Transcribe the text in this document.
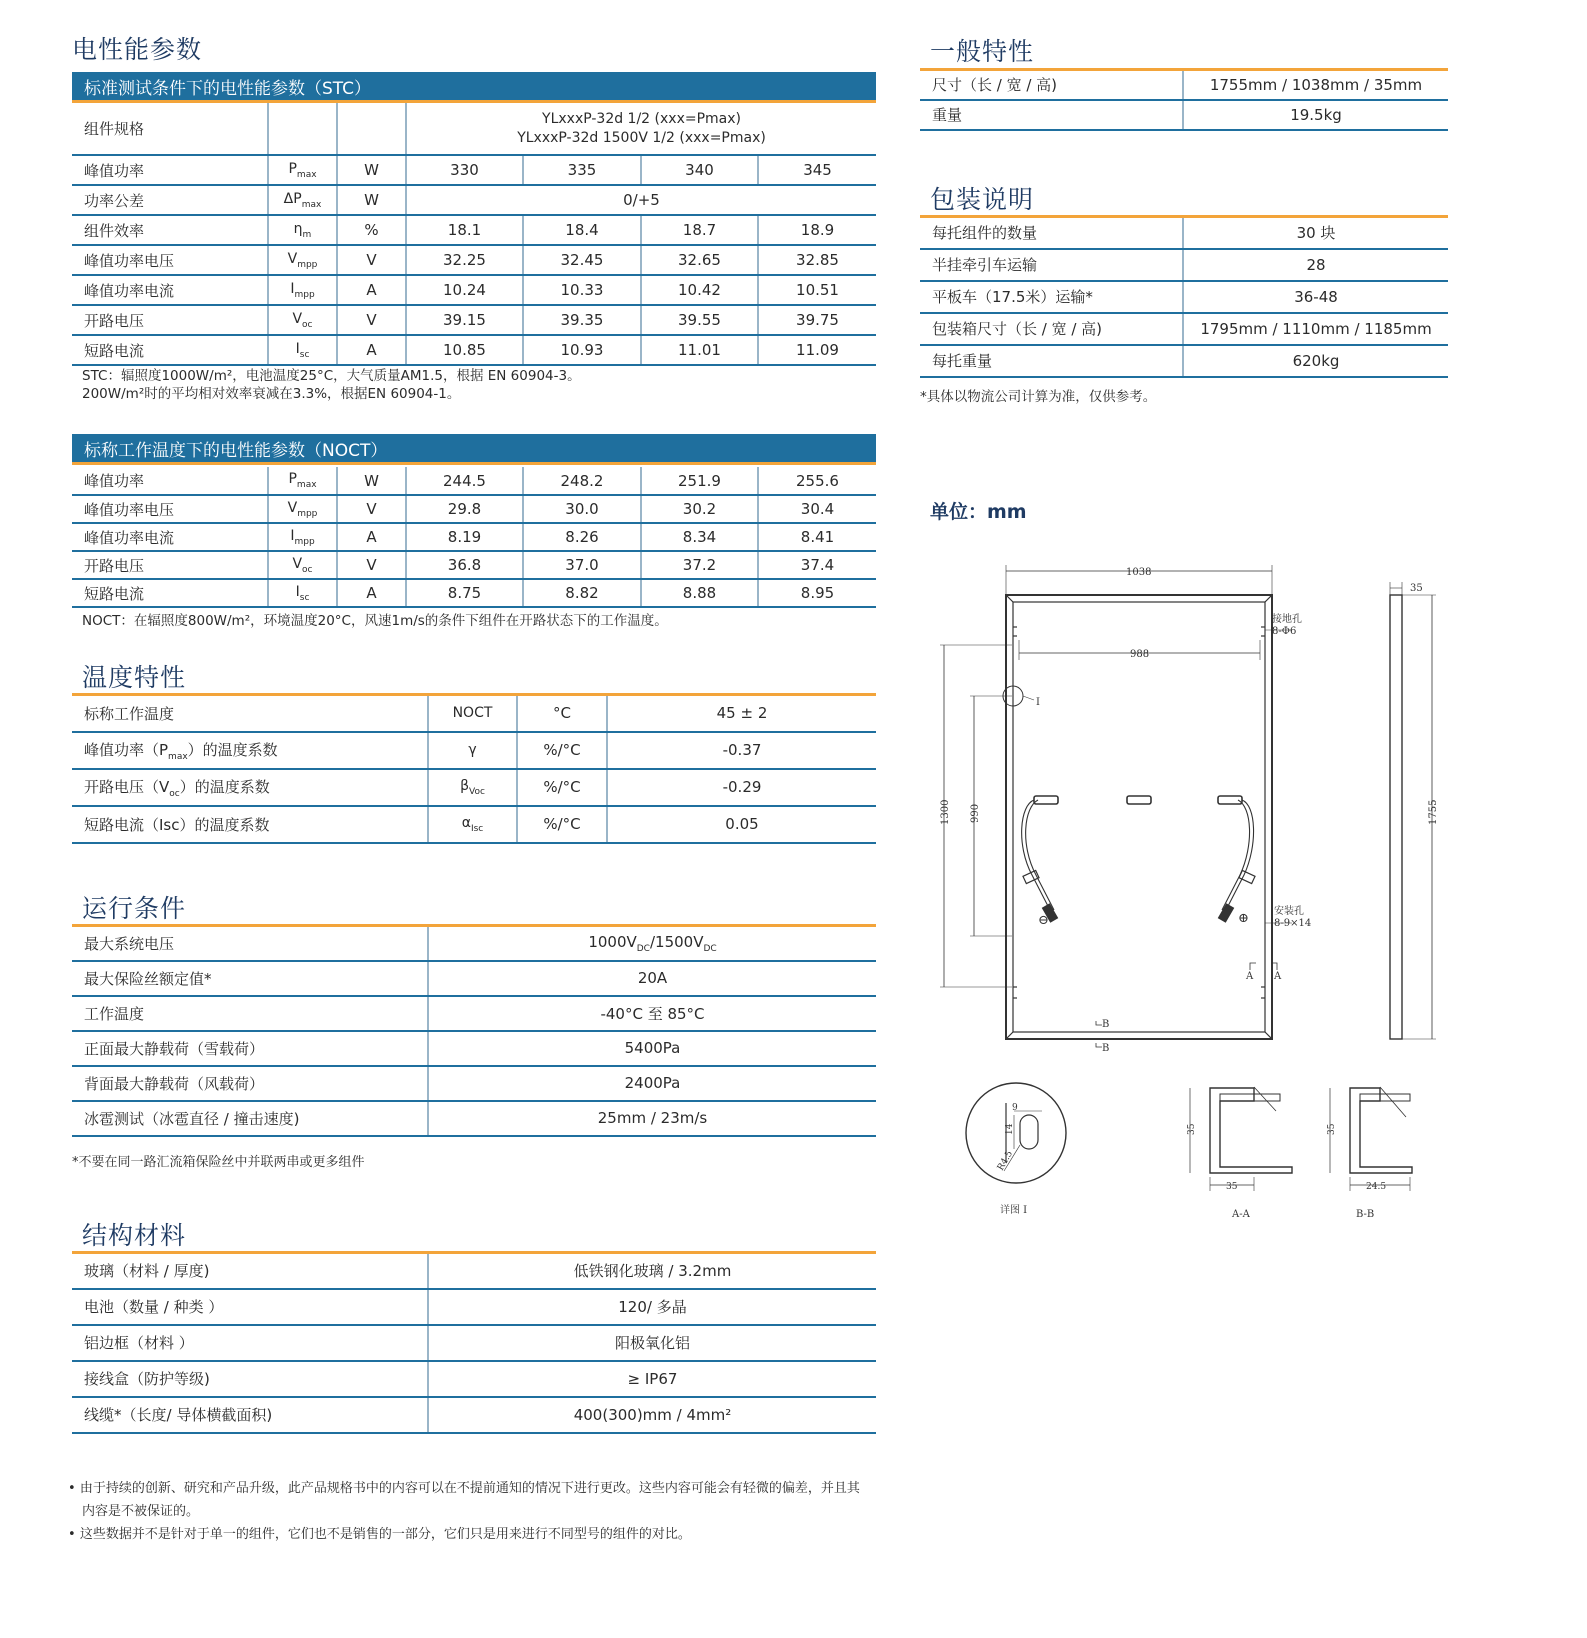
电性能参数
标准测试条件下的电性能参数（STC）
组件规格			YLxxxP-32d 1/2 (xxx=Pmax)
YLxxxP-32d 1500V 1/2 (xxx=Pmax)			

峰值功率	$P_{max}$	W	330	335	340	345
功率公差	$\Delta P_{max}$	W	0/+5			
组件效率	$\eta_m$	%	18.1	18.4	18.7	18.9
峰值功率电压	$V_{mpp}$	V	32.25	32.45	32.65	32.85
峰值功率电流	$I_{mpp}$	A	10.24	10.33	10.42	10.51
开路电压	$V_{oc}$	V	39.15	39.35	39.55	39.75
短路电流	$I_{sc}$	A	10.85	10.93	11.01	11.09
STC：辐照度1000W/m²，电池温度25°C，大气质量AM1.5，根据 EN 60904-3。
200W/m²时的平均相对效率衰减在3.3%，根据EN 60904-1。
标称工作温度下的电性能参数（NOCT）
峰值功率	$P_{max}$	W	244.5	248.2	251.9	255.6
峰值功率电压	$V_{mpp}$	V	29.8	30.0	30.2	30.4
峰值功率电流	$I_{mpp}$	A	8.19	8.26	8.34	8.41
开路电压	$V_{oc}$	V	36.8	37.0	37.2	37.4
短路电流	$I_{sc}$	A	8.75	8.82	8.88	8.95
NOCT：在辐照度800W/m²，环境温度20°C，风速1m/s的条件下组件在开路状态下的工作温度。
温度特性
标称工作温度	NOCT	°C	45 ± 2
峰值功率$(P_{max})$的温度系数	γ	%/°C	-0.37
开路电压$(V_{oc})$的温度系数	$\beta_{Voc}$	%/°C	-0.29
短路电流（Isc）的温度系数	$\alpha_{Isc}$	%/°C	0.05
运行条件
最大系统电压	$1000V_{DC}/1500V_{DC}$
最大保险丝额定值*	20A
工作温度	-40°C 至 85°C
正面最大静载荷（雪载荷）	5400Pa
背面最大静载荷（风载荷）	2400Pa
冰雹测试（冰雹直径 / 撞击速度)	25mm / 23m/s
*不要在同一路汇流箱保险丝中并联两串或更多组件
结构材料
玻璃（材料 / 厚度)	低铁钢化玻璃 / 3.2mm
电池（数量 / 种类 ）	120/ 多晶
铝边框（材料 ）	阳极氧化铝
接线盒（防护等级)	≥ IP67
线缆*（长度/ 导体横截面积)	400(300)mm / 4mm²
• 由于持续的创新、研究和产品升级，此产品规格书中的内容可以在不提前通知的情况下进行更改。这些内容可能会有轻微的偏差，并且其
内容是不被保证的。
• 这些数据并不是针对于单一的组件，它们也不是销售的一部分，它们只是用来进行不同型号的组件的对比。
一般特性
尺寸（长 / 宽 / 高)	1755mm / 1038mm / 35mm
重量	19.5kg
包装说明
每托组件的数量	30 块
半挂牵引车运输	28
平板车（17.5米）运输*	36-48
包装箱尺寸（长 / 宽 / 高)	1795mm / 1110mm / 1185mm
每托重量	620kg
*具体以物流公司计算为准，仅供参考。
单位：mm
1038
988
1300 990
35
1755
I
接地孔
8-Φ6
安装孔
8-9×14
A A
B
B
⊖	⊕
9
14
R4.5
详图 I
35
35
A-A
35
24.5
B-B
